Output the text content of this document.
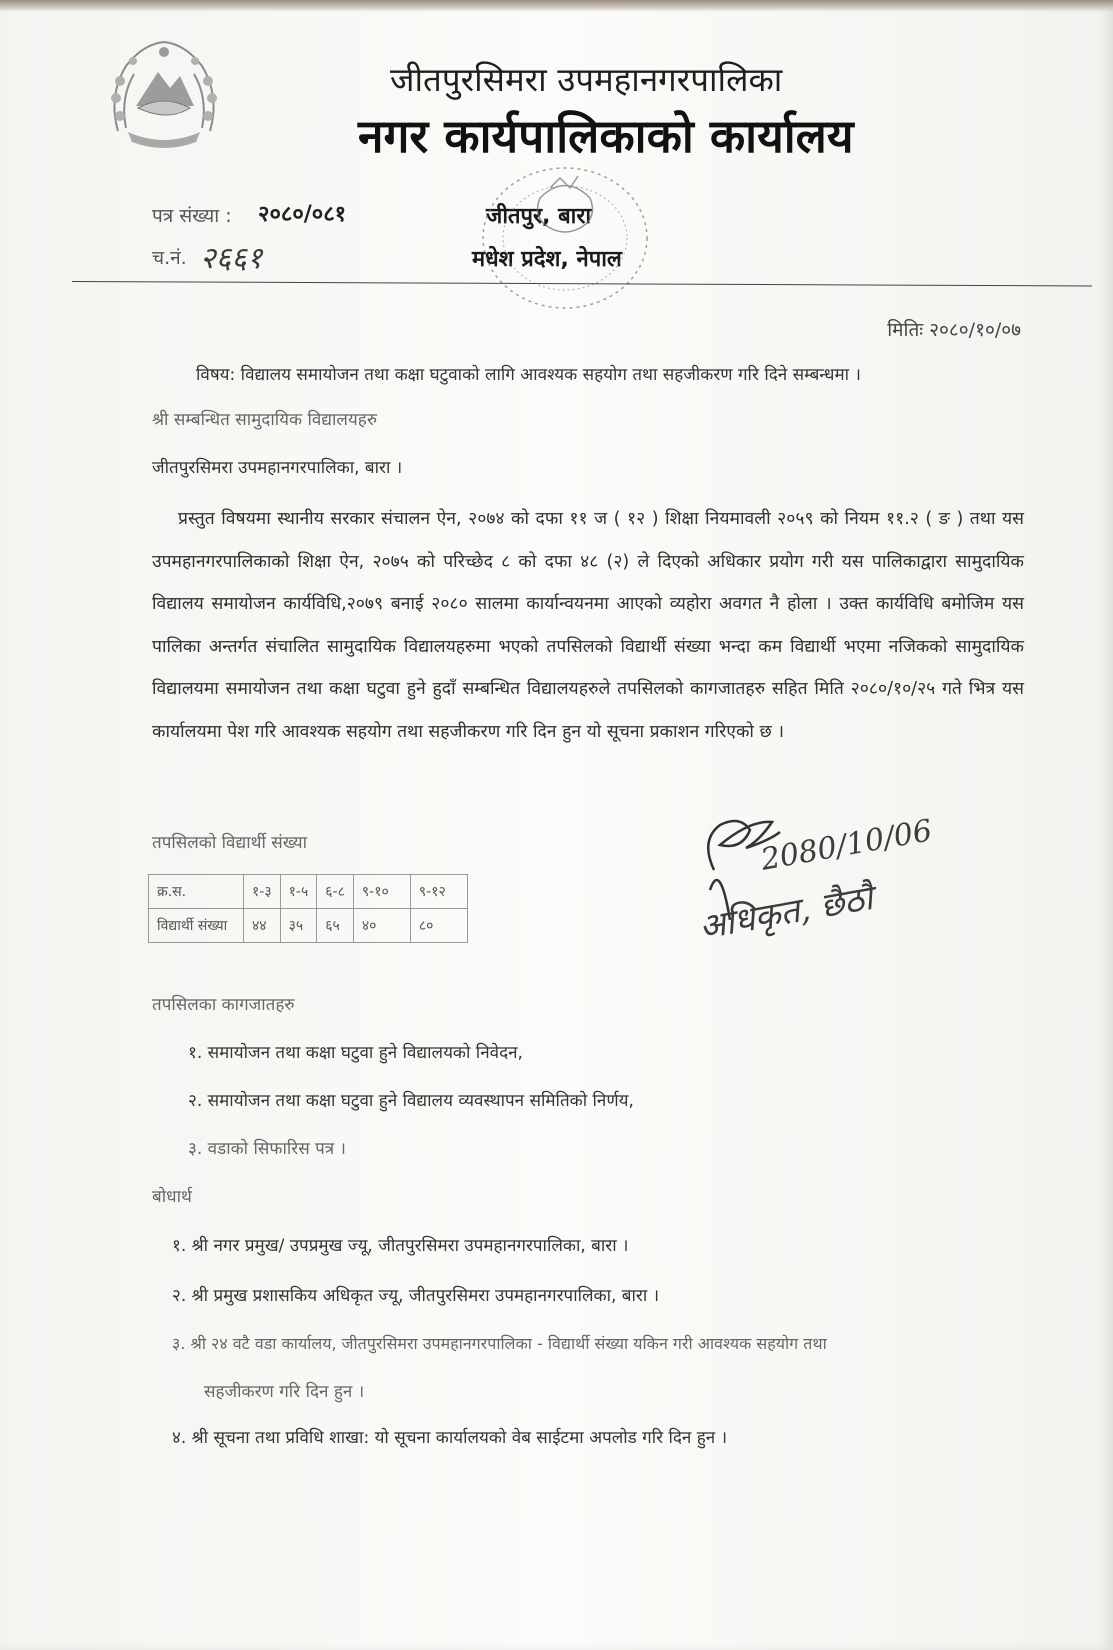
जीतपुरसिमरा उपमहानगरपालिका
नगर कार्यपालिकाको कार्यालय
पत्र संख्या : २०८०/०८१
च.नं. २६६१
जीतपुर, बारा
मधेश प्रदेश, नेपाल
मितिः २०८०/१०/०७
विषय: विद्यालय समायोजन तथा कक्षा घटुवाको लागि आवश्यक सहयोग तथा सहजीकरण गरि दिने सम्बन्धमा ।
श्री सम्बन्धित सामुदायिक विद्यालयहरु
जीतपुरसिमरा उपमहानगरपालिका, बारा ।
प्रस्तुत विषयमा स्थानीय सरकार संचालन ऐन, २०७४ को दफा ११ ज ( १२ ) शिक्षा नियमावली २०५९ को नियम ११.२ ( ङ ) तथा यस उपमहानगरपालिकाको शिक्षा ऐन, २०७५ को परिच्छेद ८ को दफा ४८ (२) ले दिएको अधिकार प्रयोग गरी यस पालिकाद्वारा सामुदायिक विद्यालय समायोजन कार्यविधि,२०७९ बनाई २०८० सालमा कार्यान्वयनमा आएको व्यहोरा अवगत नै होला । उक्त कार्यविधि बमोजिम यस पालिका अन्तर्गत संचालित सामुदायिक विद्यालयहरुमा भएको तपसिलको विद्यार्थी संख्या भन्दा कम विद्यार्थी भएमा नजिकको सामुदायिक विद्यालयमा समायोजन तथा कक्षा घटुवा हुने हुदाँ सम्बन्धित विद्यालयहरुले तपसिलको कागजातहरु सहित मिति २०८०/१०/२५ गते भित्र यस कार्यालयमा पेश गरि आवश्यक सहयोग तथा सहजीकरण गरि दिन हुन यो सूचना प्रकाशन गरिएको छ ।
तपसिलको विद्यार्थी संख्या
क्र.स.	१-३	१-५	६-८	९-१०	९-१२
विद्यार्थी संख्या	४४	३५	६५	४०	८०
2080/10/06
अधिकृत, छैठौ
तपसिलका कागजातहरु
१. समायोजन तथा कक्षा घटुवा हुने विद्यालयको निवेदन,
२. समायोजन तथा कक्षा घटुवा हुने विद्यालय व्यवस्थापन समितिको निर्णय,
३. वडाको सिफारिस पत्र ।
बोधार्थ
१. श्री नगर प्रमुख/ उपप्रमुख ज्यू, जीतपुरसिमरा उपमहानगरपालिका, बारा ।
२. श्री प्रमुख प्रशासकिय अधिकृत ज्यू, जीतपुरसिमरा उपमहानगरपालिका, बारा ।
३. श्री २४ वटै वडा कार्यालय, जीतपुरसिमरा उपमहानगरपालिका - विद्यार्थी संख्या यकिन गरी आवश्यक सहयोग तथा
सहजीकरण गरि दिन हुन ।
४. श्री सूचना तथा प्रविधि शाखा: यो सूचना कार्यालयको वेब साईटमा अपलोड गरि दिन हुन ।
